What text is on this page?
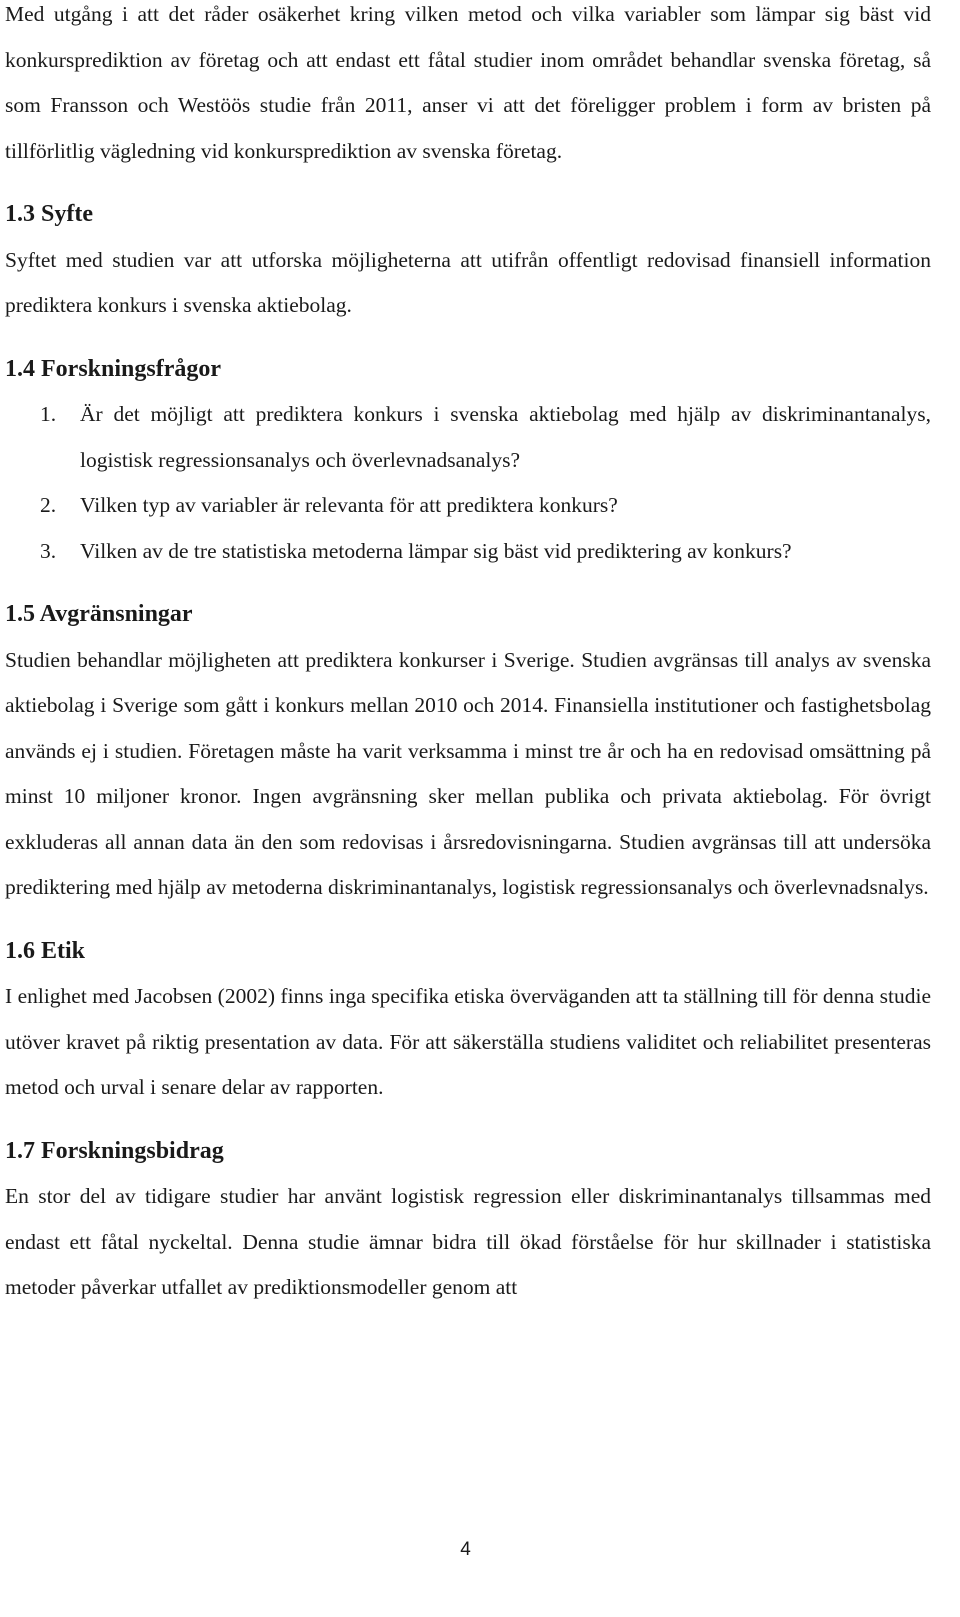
Med utgång i att det råder osäkerhet kring vilken metod och vilka variabler som lämpar sig bäst vid konkursprediktion av företag och att endast ett fåtal studier inom området behandlar svenska företag, så som Fransson och Westöös studie från 2011, anser vi att det föreligger problem i form av bristen på tillförlitlig vägledning vid konkursprediktion av svenska företag.

1.3 Syfte

Syftet med studien var att utforska möjligheterna att utifrån offentligt redovisad finansiell information prediktera konkurs i svenska aktiebolag.

1.4 Forskningsfrågor
1. Är det möjligt att prediktera konkurs i svenska aktiebolag med hjälp av diskriminantanalys, logistisk regressionsanalys och överlevnadsanalys?
2. Vilken typ av variabler är relevanta för att prediktera konkurs?
3. Vilken av de tre statistiska metoderna lämpar sig bäst vid prediktering av konkurs?
1.5 Avgränsningar

Studien behandlar möjligheten att prediktera konkurser i Sverige. Studien avgränsas till analys av svenska aktiebolag i Sverige som gått i konkurs mellan 2010 och 2014. Finansiella institutioner och fastighetsbolag används ej i studien. Företagen måste ha varit verksamma i minst tre år och ha en redovisad omsättning på minst 10 miljoner kronor. Ingen avgränsning sker mellan publika och privata aktiebolag. För övrigt exkluderas all annan data än den som redovisas i årsredovisningarna. Studien avgränsas till att undersöka prediktering med hjälp av metoderna diskriminantanalys, logistisk regressionsanalys och överlevnadsnalys.

1.6 Etik

I enlighet med Jacobsen (2002) finns inga specifika etiska överväganden att ta ställning till för denna studie utöver kravet på riktig presentation av data. För att säkerställa studiens validitet och reliabilitet presenteras metod och urval i senare delar av rapporten.

1.7 Forskningsbidrag

En stor del av tidigare studier har använt logistisk regression eller diskriminantanalys tillsammas med endast ett fåtal nyckeltal. Denna studie ämnar bidra till ökad förståelse för hur skillnader i statistiska metoder påverkar utfallet av prediktionsmodeller genom att

4
